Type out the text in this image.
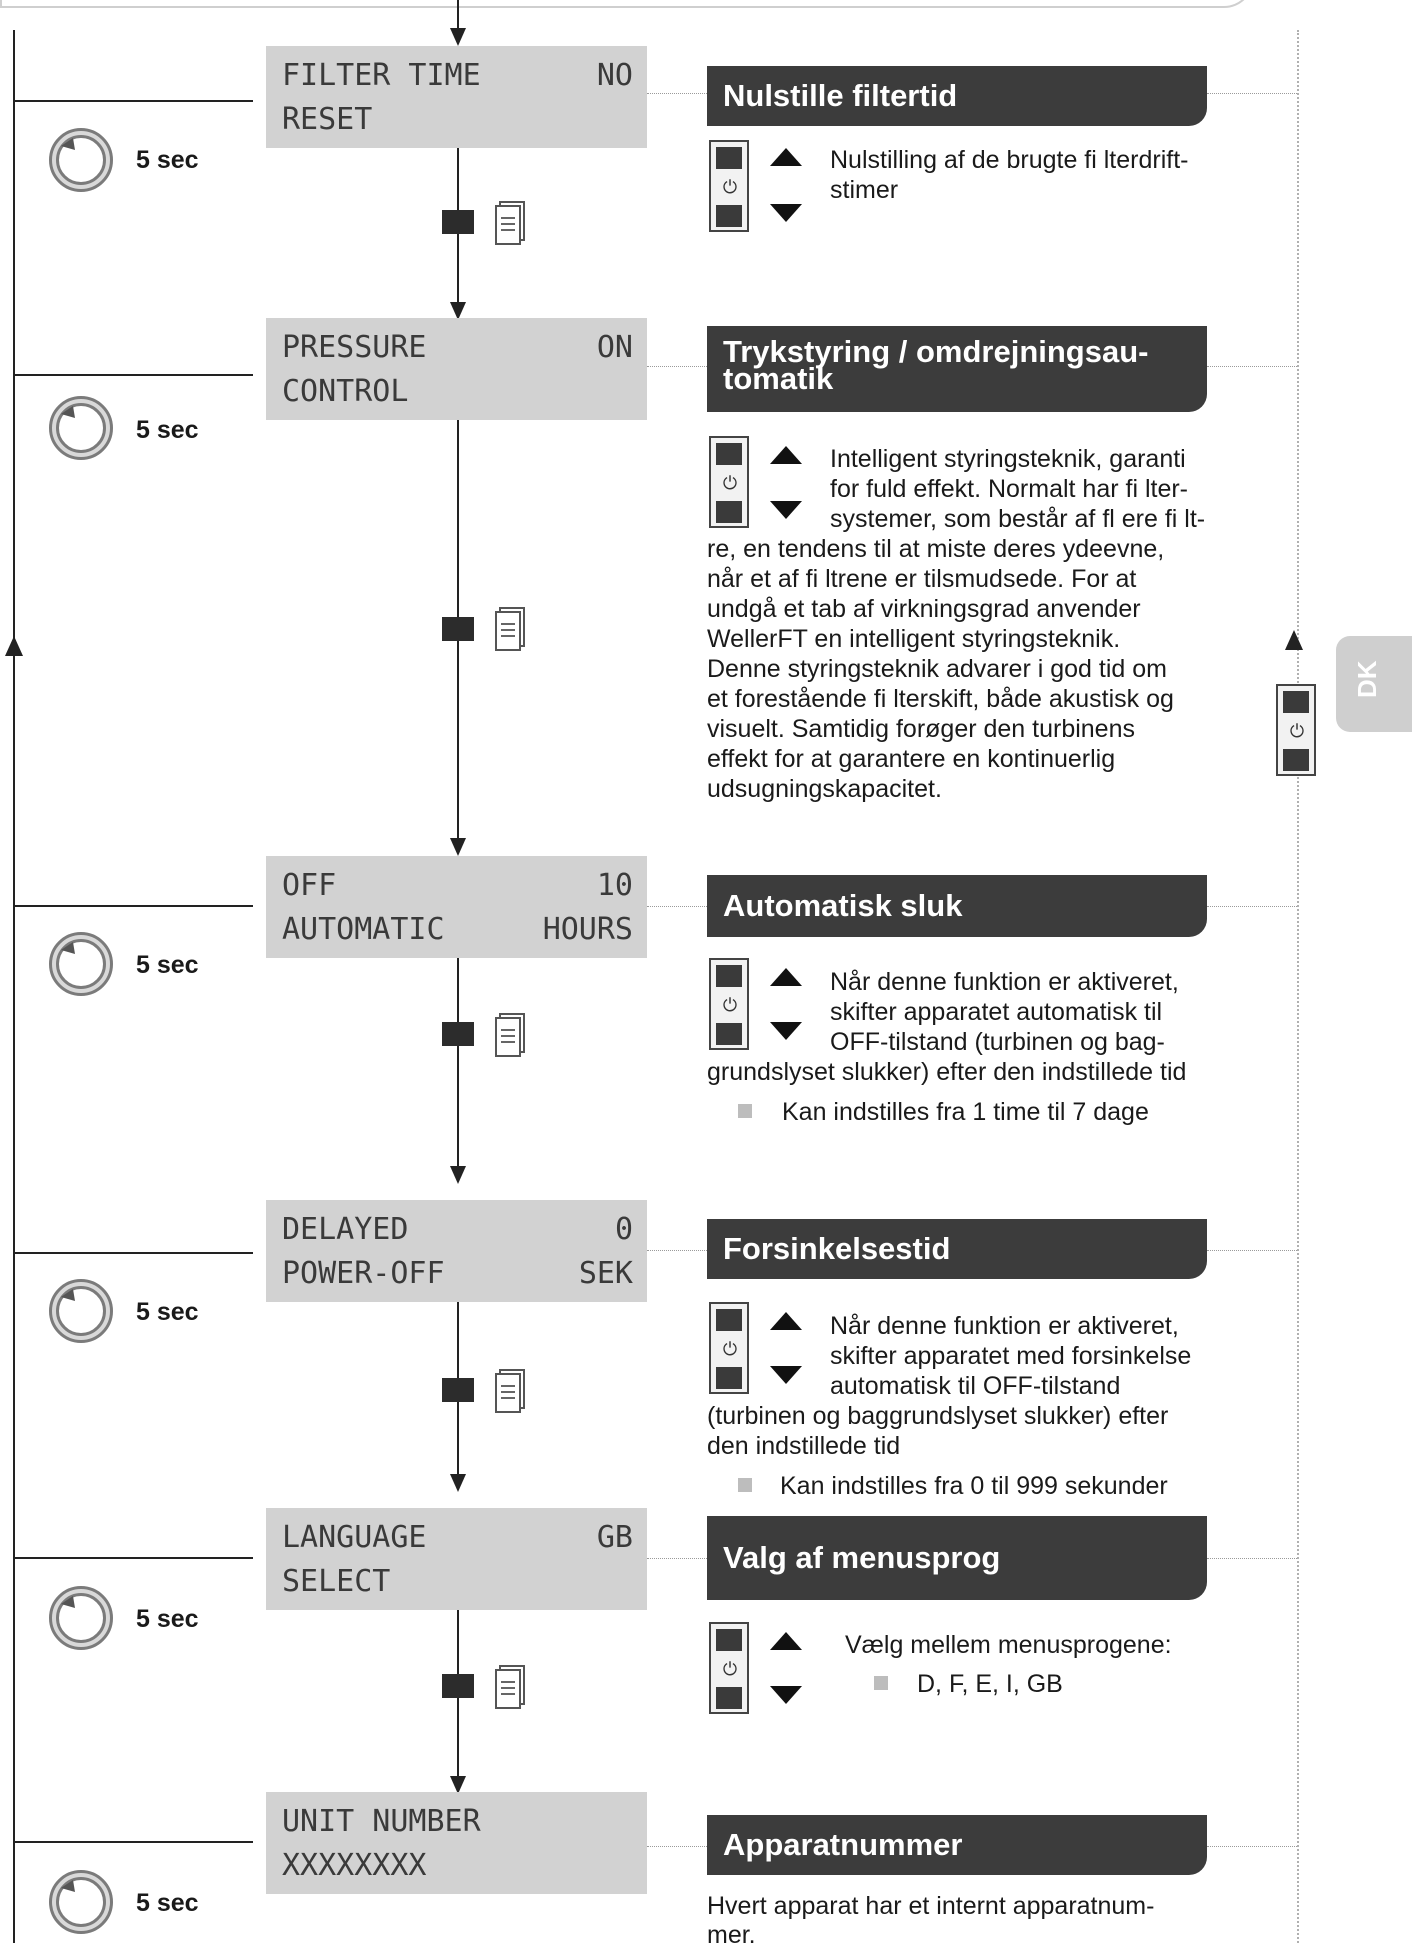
⏻
DK
FILTER TIME	NO
RESET
Nulstille filtertid
5 sec
⏻
Nulstilling af de brugte fi lterdrift-
stimer
PRESSURE	ON
CONTROL
Trykstyring / omdrejningsau-
tomatik
5 sec
⏻
Intelligent styringsteknik, garanti
for fuld effekt. Normalt har fi lter-
systemer, som består af fl ere fi lt-
re, en tendens til at miste deres ydeevne,
når et af fi ltrene er tilsmudsede. For at
undgå et tab af virkningsgrad anvender
WellerFT en intelligent styringsteknik.
Denne styringsteknik advarer i god tid om
et forestående fi lterskift, både akustisk og
visuelt. Samtidig forøger den turbinens
effekt for at garantere en kontinuerlig
udsugningskapacitet.
OFF	10
AUTOMATIC	HOURS
Automatisk sluk
5 sec
⏻
Når denne funktion er aktiveret,
skifter apparatet automatisk til
OFF-tilstand (turbinen og bag-
grundslyset slukker) efter den indstillede tid
Kan indstilles fra 1 time til 7 dage
DELAYED	0
POWER-OFF	SEK
Forsinkelsestid
5 sec
⏻
Når denne funktion er aktiveret,
skifter apparatet med forsinkelse
automatisk til OFF-tilstand
(turbinen og baggrundslyset slukker) efter
den indstillede tid
Kan indstilles fra 0 til 999 sekunder
LANGUAGE	GB
SELECT
Valg af menusprog
5 sec
⏻
Vælg mellem menusprogene:
D, F, E, I, GB
UNIT NUMBER
XXXXXXXX
Apparatnummer
5 sec	Hvert apparat har et internt apparatnum-
mer.
